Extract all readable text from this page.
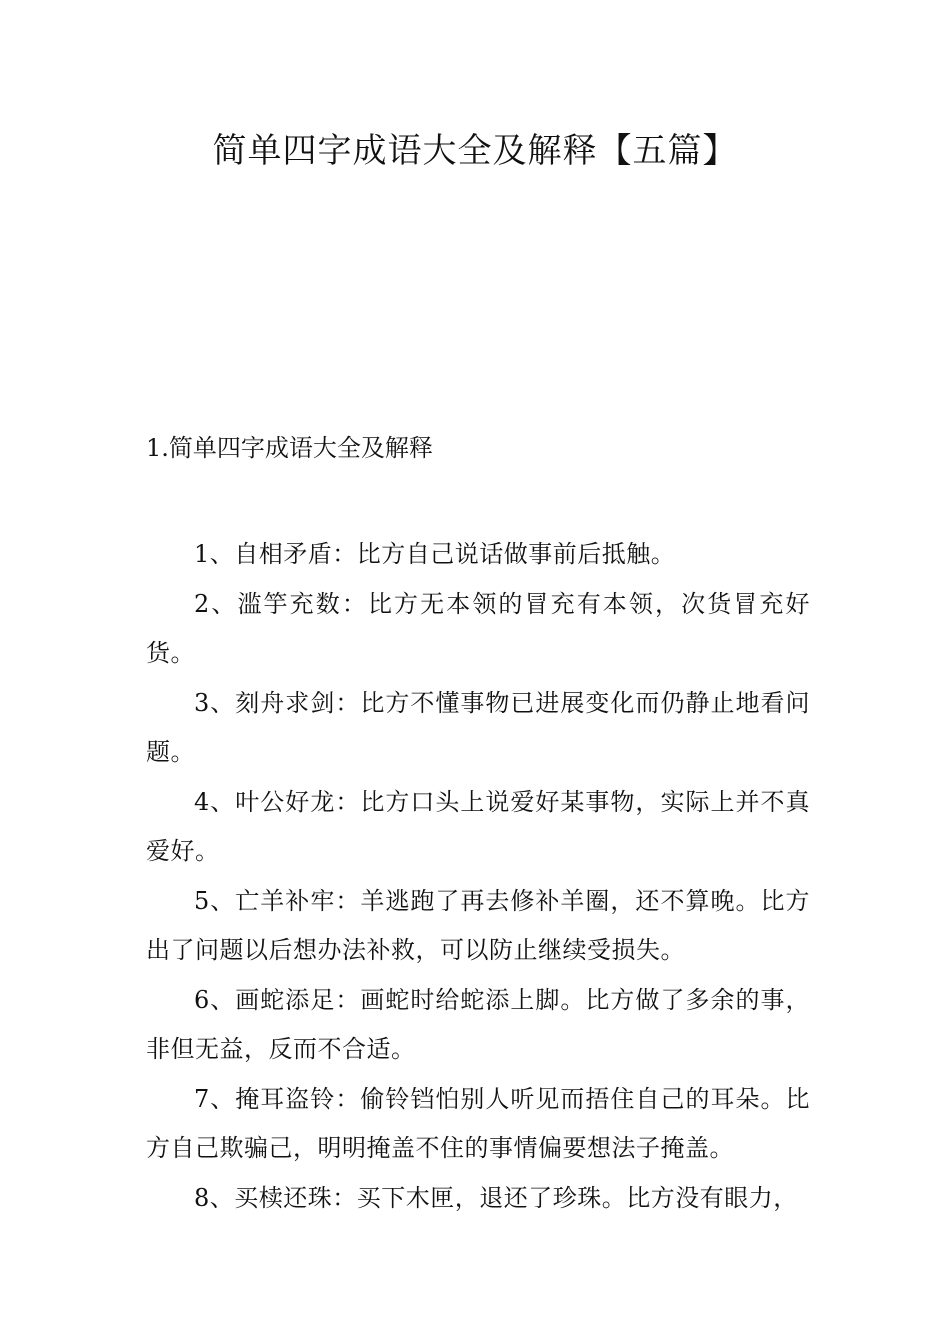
简单四字成语大全及解释【五篇】
1.简单四字成语大全及解释
1、自相矛盾：比方自己说话做事前后抵触。
2、滥竽充数：比方无本领的冒充有本领，次货冒充好货。
3、刻舟求剑：比方不懂事物已进展变化而仍静止地看问题。
4、叶公好龙：比方口头上说爱好某事物，实际上并不真爱好。
5、亡羊补牢：羊逃跑了再去修补羊圈，还不算晚。比方出了问题以后想办法补救，可以防止继续受损失。
6、画蛇添足：画蛇时给蛇添上脚。比方做了多余的事，非但无益，反而不合适。
7、掩耳盗铃：偷铃铛怕别人听见而捂住自己的耳朵。比方自己欺骗己，明明掩盖不住的事情偏要想法子掩盖。
8、买椟还珠：买下木匣，退还了珍珠。比方没有眼力，
